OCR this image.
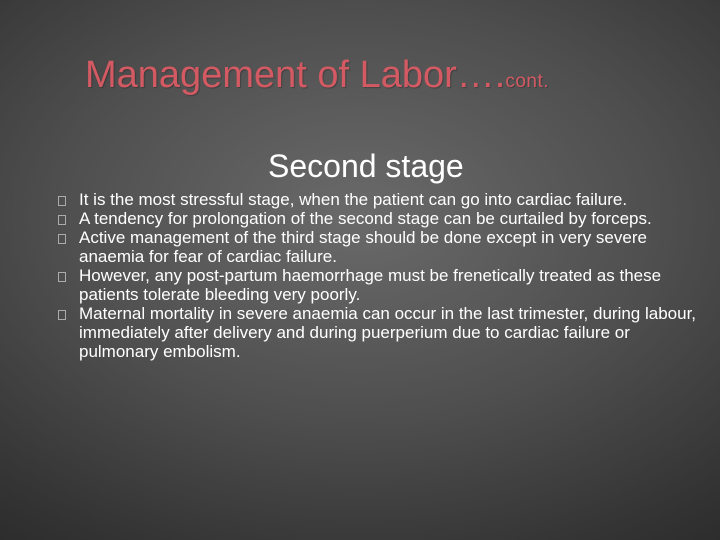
Management of Labor….cont.
Second stage
It is the most stressful stage, when the patient can go into cardiac failure.
A tendency for prolongation of the second stage can be curtailed by forceps.
Active management of the third stage should be done except in very severe anaemia for fear of cardiac failure.
However, any post-partum haemorrhage must be frenetically treated as these patients tolerate bleeding very poorly.
Maternal mortality in severe anaemia can occur in the last trimester, during labour, immediately after delivery and during puerperium due to cardiac failure or pulmonary embolism.
